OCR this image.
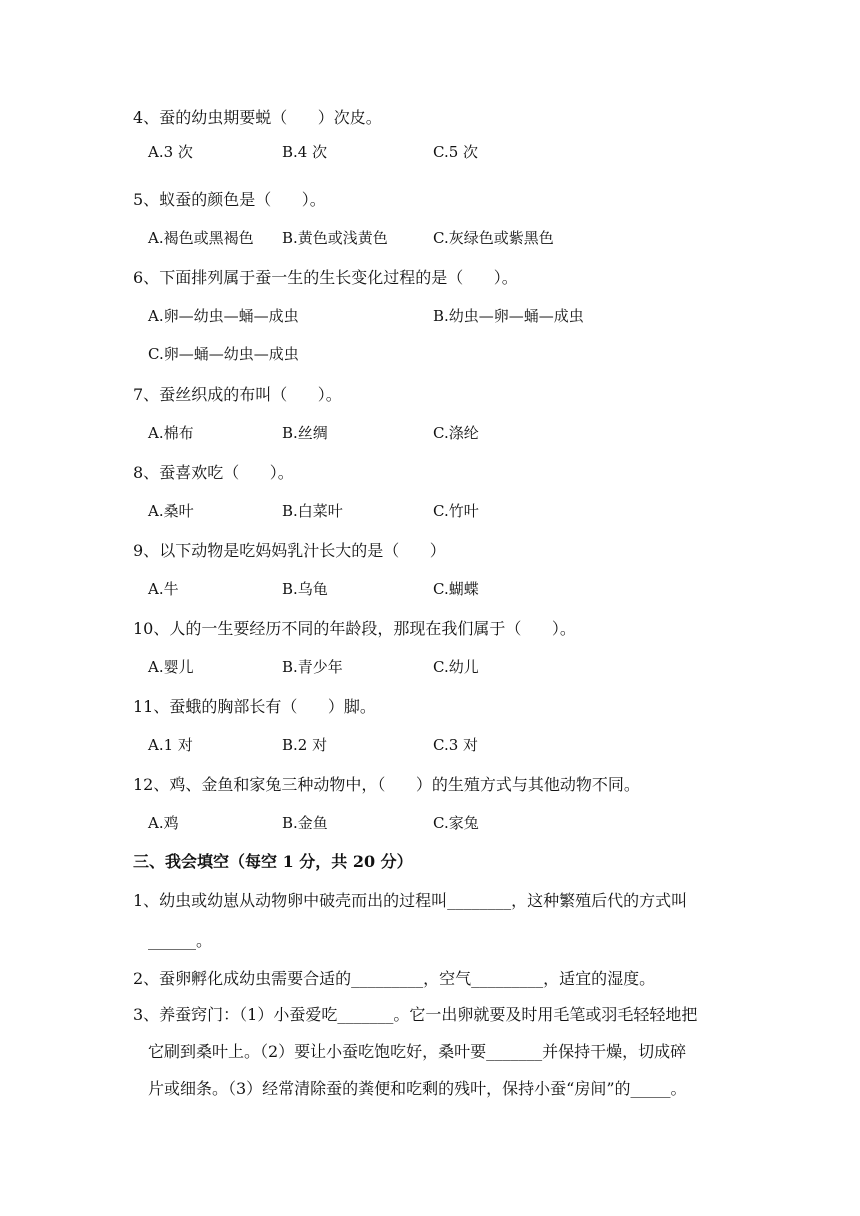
4、蚕的幼虫期要蜕（      ）次皮。
A.3 次	B.4 次	C.5 次
5、蚁蚕的颜色是（      ）。
A.褐色或黑褐色 B.黄色或浅黄色	C.灰绿色或紫黑色
6、下面排列属于蚕一生的生长变化过程的是（      ）。
A.卵—幼虫—蛹—成虫	B.幼虫—卵—蛹—成虫
C.卵—蛹—幼虫—成虫
7、蚕丝织成的布叫（      ）。
A.棉布	B.丝绸	C.涤纶
8、蚕喜欢吃（      ）。
A.桑叶	B.白菜叶	C.竹叶
9、以下动物是吃妈妈乳汁长大的是（      ）
A.牛	B.乌龟	C.蝴蝶
10、人的一生要经历不同的年龄段，那现在我们属于（      ）。
A.婴儿	B.青少年	C.幼儿
11、蚕蛾的胸部长有（      ）脚。
A.1 对	B.2 对	C.3 对
12、鸡、金鱼和家兔三种动物中，（      ）的生殖方式与其他动物不同。
A.鸡	B.金鱼	C.家兔
三、我会填空（每空 1 分，共 20 分）
1、幼虫或幼崽从动物卵中破壳而出的过程叫________，这种繁殖后代的方式叫
______。
2、蚕卵孵化成幼虫需要合适的_________，空气_________，适宜的湿度。
3、养蚕窍门：（1）小蚕爱吃_______。它一出卵就要及时用毛笔或羽毛轻轻地把
它刷到桑叶上。（2）要让小蚕吃饱吃好，桑叶要_______并保持干燥，切成碎
片或细条。（3）经常清除蚕的粪便和吃剩的残叶，保持小蚕“房间”的_____。
